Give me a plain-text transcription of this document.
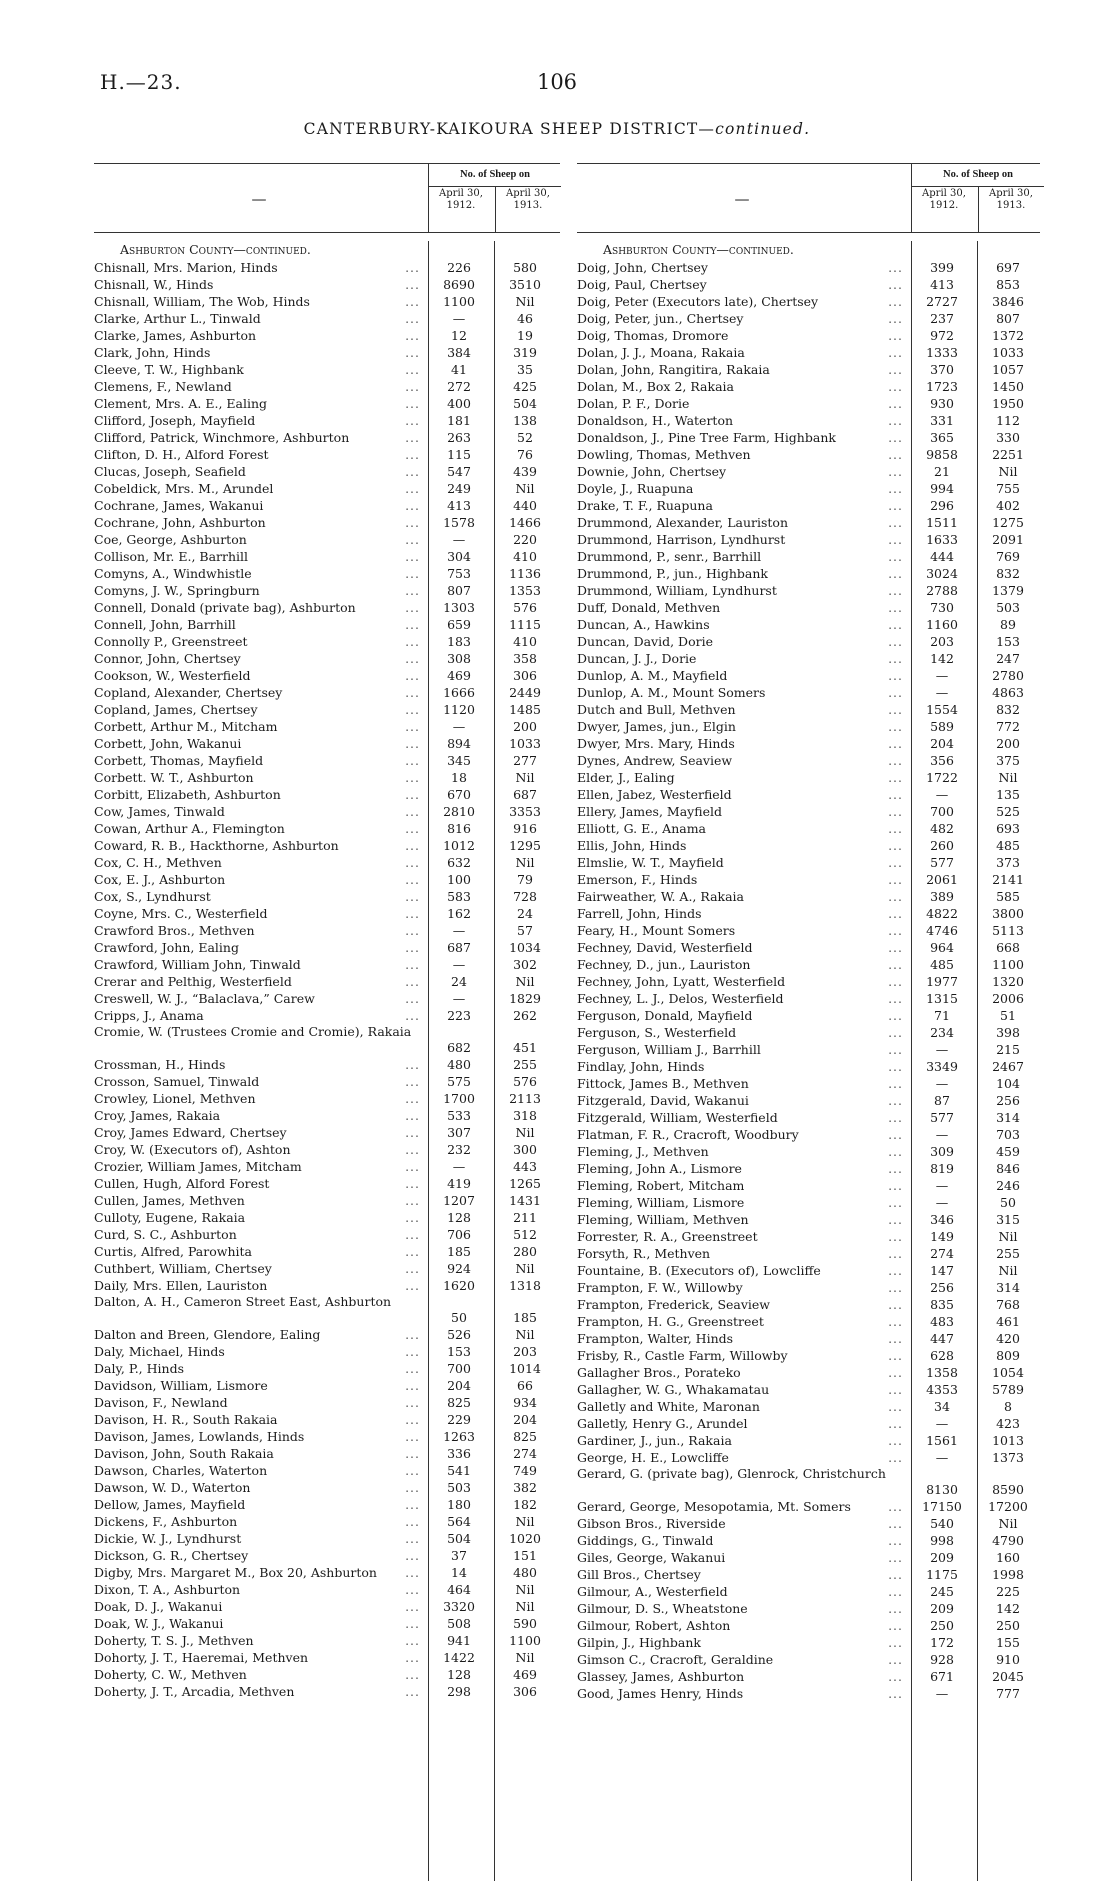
H.—23.	106
CANTERBURY-KAIKOURA SHEEP DISTRICT—continued.
—
No. of Sheep on
April 30, 1912.
April 30, 1913.
Ashburton County—continued.
Chisnall, Mrs. Marion, Hinds	...	226	580
Chisnall, W., Hinds	...	8690	3510
Chisnall, William, The Wob, Hinds	...	1100	Nil
Clarke, Arthur L., Tinwald	...	—	46
Clarke, James, Ashburton	...	12	19
Clark, John, Hinds	...	384	319
Cleeve, T. W., Highbank	...	41	35
Clemens, F., Newland	...	272	425
Clement, Mrs. A. E., Ealing	...	400	504
Clifford, Joseph, Mayfield	...	181	138
Clifford, Patrick, Winchmore, Ashburton	...	263	52
Clifton, D. H., Alford Forest	...	115	76
Clucas, Joseph, Seafield	...	547	439
Cobeldick, Mrs. M., Arundel	...	249	Nil
Cochrane, James, Wakanui	...	413	440
Cochrane, John, Ashburton	...	1578	1466
Coe, George, Ashburton	...	—	220
Collison, Mr. E., Barrhill	...	304	410
Comyns, A., Windwhistle	...	753	1136
Comyns, J. W., Springburn	...	807	1353
Connell, Donald (private bag), Ashburton	...	1303	576
Connell, John, Barrhill	...	659	1115
Connolly P., Greenstreet	...	183	410
Connor, John, Chertsey	...	308	358
Cookson, W., Westerfield	...	469	306
Copland, Alexander, Chertsey	...	1666	2449
Copland, James, Chertsey	...	1120	1485
Corbett, Arthur M., Mitcham	...	—	200
Corbett, John, Wakanui	...	894	1033
Corbett, Thomas, Mayfield	...	345	277
Corbett. W. T., Ashburton	...	18	Nil
Corbitt, Elizabeth, Ashburton	...	670	687
Cow, James, Tinwald	...	2810	3353
Cowan, Arthur A., Flemington	...	816	916
Coward, R. B., Hackthorne, Ashburton	...	1012	1295
Cox, C. H., Methven	...	632	Nil
Cox, E. J., Ashburton	...	100	79
Cox, S., Lyndhurst	...	583	728
Coyne, Mrs. C., Westerfield	...	162	24
Crawford Bros., Methven	...	—	57
Crawford, John, Ealing	...	687	1034
Crawford, William John, Tinwald	...	—	302
Crerar and Pelthig, Westerfield	...	24	Nil
Creswell, W. J., “Balaclava,” Carew	...	—	1829
Cripps, J., Anama	...	223	262
Cromie, W. (Trustees Cromie and Cromie), Rakaia
682	451
Crossman, H., Hinds	...	480	255
Crosson, Samuel, Tinwald	...	575	576
Crowley, Lionel, Methven	...	1700	2113
Croy, James, Rakaia	...	533	318
Croy, James Edward, Chertsey	...	307	Nil
Croy, W. (Executors of), Ashton	...	232	300
Crozier, William James, Mitcham	...	—	443
Cullen, Hugh, Alford Forest	...	419	1265
Cullen, James, Methven	...	1207	1431
Culloty, Eugene, Rakaia	...	128	211
Curd, S. C., Ashburton	...	706	512
Curtis, Alfred, Parowhita	...	185	280
Cuthbert, William, Chertsey	...	924	Nil
Daily, Mrs. Ellen, Lauriston	...	1620	1318
Dalton, A. H., Cameron Street East, Ashburton
50	185
Dalton and Breen, Glendore, Ealing	...	526	Nil
Daly, Michael, Hinds	...	153	203
Daly, P., Hinds	...	700	1014
Davidson, William, Lismore	...	204	66
Davison, F., Newland	...	825	934
Davison, H. R., South Rakaia	...	229	204
Davison, James, Lowlands, Hinds	...	1263	825
Davison, John, South Rakaia	...	336	274
Dawson, Charles, Waterton	...	541	749
Dawson, W. D., Waterton	...	503	382
Dellow, James, Mayfield	...	180	182
Dickens, F., Ashburton	...	564	Nil
Dickie, W. J., Lyndhurst	...	504	1020
Dickson, G. R., Chertsey	...	37	151
Digby, Mrs. Margaret M., Box 20, Ashburton ...	14	480
Dixon, T. A., Ashburton	...	464	Nil
Doak, D. J., Wakanui	...	3320	Nil
Doak, W. J., Wakanui	...	508	590
Doherty, T. S. J., Methven	...	941	1100
Dohorty, J. T., Haeremai, Methven	...	1422	Nil
Doherty, C. W., Methven	...	128	469
Doherty, J. T., Arcadia, Methven	...	298	306
—
No. of Sheep on
April 30, 1912.
April 30, 1913.
Ashburton County—continued.
Doig, John, Chertsey	...	399	697
Doig, Paul, Chertsey	...	413	853
Doig, Peter (Executors late), Chertsey	...	2727	3846
Doig, Peter, jun., Chertsey	...	237	807
Doig, Thomas, Dromore	...	972	1372
Dolan, J. J., Moana, Rakaia	...	1333	1033
Dolan, John, Rangitira, Rakaia	...	370	1057
Dolan, M., Box 2, Rakaia	...	1723	1450
Dolan, P. F., Dorie	...	930	1950
Donaldson, H., Waterton	...	331	112
Donaldson, J., Pine Tree Farm, Highbank	...	365	330
Dowling, Thomas, Methven	...	9858	2251
Downie, John, Chertsey	...	21	Nil
Doyle, J., Ruapuna	...	994	755
Drake, T. F., Ruapuna	...	296	402
Drummond, Alexander, Lauriston	...	1511	1275
Drummond, Harrison, Lyndhurst	...	1633	2091
Drummond, P., senr., Barrhill	...	444	769
Drummond, P., jun., Highbank	...	3024	832
Drummond, William, Lyndhurst	...	2788	1379
Duff, Donald, Methven	...	730	503
Duncan, A., Hawkins	...	1160	89
Duncan, David, Dorie	...	203	153
Duncan, J. J., Dorie	...	142	247
Dunlop, A. M., Mayfield	...	—	2780
Dunlop, A. M., Mount Somers	...	—	4863
Dutch and Bull, Methven	...	1554	832
Dwyer, James, jun., Elgin	...	589	772
Dwyer, Mrs. Mary, Hinds	...	204	200
Dynes, Andrew, Seaview	...	356	375
Elder, J., Ealing	...	1722	Nil
Ellen, Jabez, Westerfield	...	—	135
Ellery, James, Mayfield	...	700	525
Elliott, G. E., Anama	...	482	693
Ellis, John, Hinds	...	260	485
Elmslie, W. T., Mayfield	...	577	373
Emerson, F., Hinds	...	2061	2141
Fairweather, W. A., Rakaia	...	389	585
Farrell, John, Hinds	...	4822	3800
Feary, H., Mount Somers	...	4746	5113
Fechney, David, Westerfield	...	964	668
Fechney, D., jun., Lauriston	...	485	1100
Fechney, John, Lyatt, Westerfield	...	1977	1320
Fechney, L. J., Delos, Westerfield	...	1315	2006
Ferguson, Donald, Mayfield	...	71	51
Ferguson, S., Westerfield	...	234	398
Ferguson, William J., Barrhill	...	—	215
Findlay, John, Hinds	...	3349	2467
Fittock, James B., Methven	...	—	104
Fitzgerald, David, Wakanui	...	87	256
Fitzgerald, William, Westerfield	...	577	314
Flatman, F. R., Cracroft, Woodbury	...	—	703
Fleming, J., Methven	...	309	459
Fleming, John A., Lismore	...	819	846
Fleming, Robert, Mitcham	...	—	246
Fleming, William, Lismore	...	—	50
Fleming, William, Methven	...	346	315
Forrester, R. A., Greenstreet	...	149	Nil
Forsyth, R., Methven	...	274	255
Fountaine, B. (Executors of), Lowcliffe	...	147	Nil
Frampton, F. W., Willowby	...	256	314
Frampton, Frederick, Seaview	...	835	768
Frampton, H. G., Greenstreet	...	483	461
Frampton, Walter, Hinds	...	447	420
Frisby, R., Castle Farm, Willowby	...	628	809
Gallagher Bros., Porateko	...	1358	1054
Gallagher, W. G., Whakamatau	...	4353	5789
Galletly and White, Maronan	...	34	8
Galletly, Henry G., Arundel	...	—	423
Gardiner, J., jun., Rakaia	...	1561	1013
George, H. E., Lowcliffe	...	—	1373
Gerard, G. (private bag), Glenrock, Christchurch
8130	8590
Gerard, George, Mesopotamia, Mt. Somers	...	17150	17200
Gibson Bros., Riverside	...	540	Nil
Giddings, G., Tinwald	...	998	4790
Giles, George, Wakanui	...	209	160
Gill Bros., Chertsey	...	1175	1998
Gilmour, A., Westerfield	...	245	225
Gilmour, D. S., Wheatstone	...	209	142
Gilmour, Robert, Ashton	...	250	250
Gilpin, J., Highbank	...	172	155
Gimson C., Cracroft, Geraldine	...	928	910
Glassey, James, Ashburton	...	671	2045
Good, James Henry, Hinds	...	—	777
